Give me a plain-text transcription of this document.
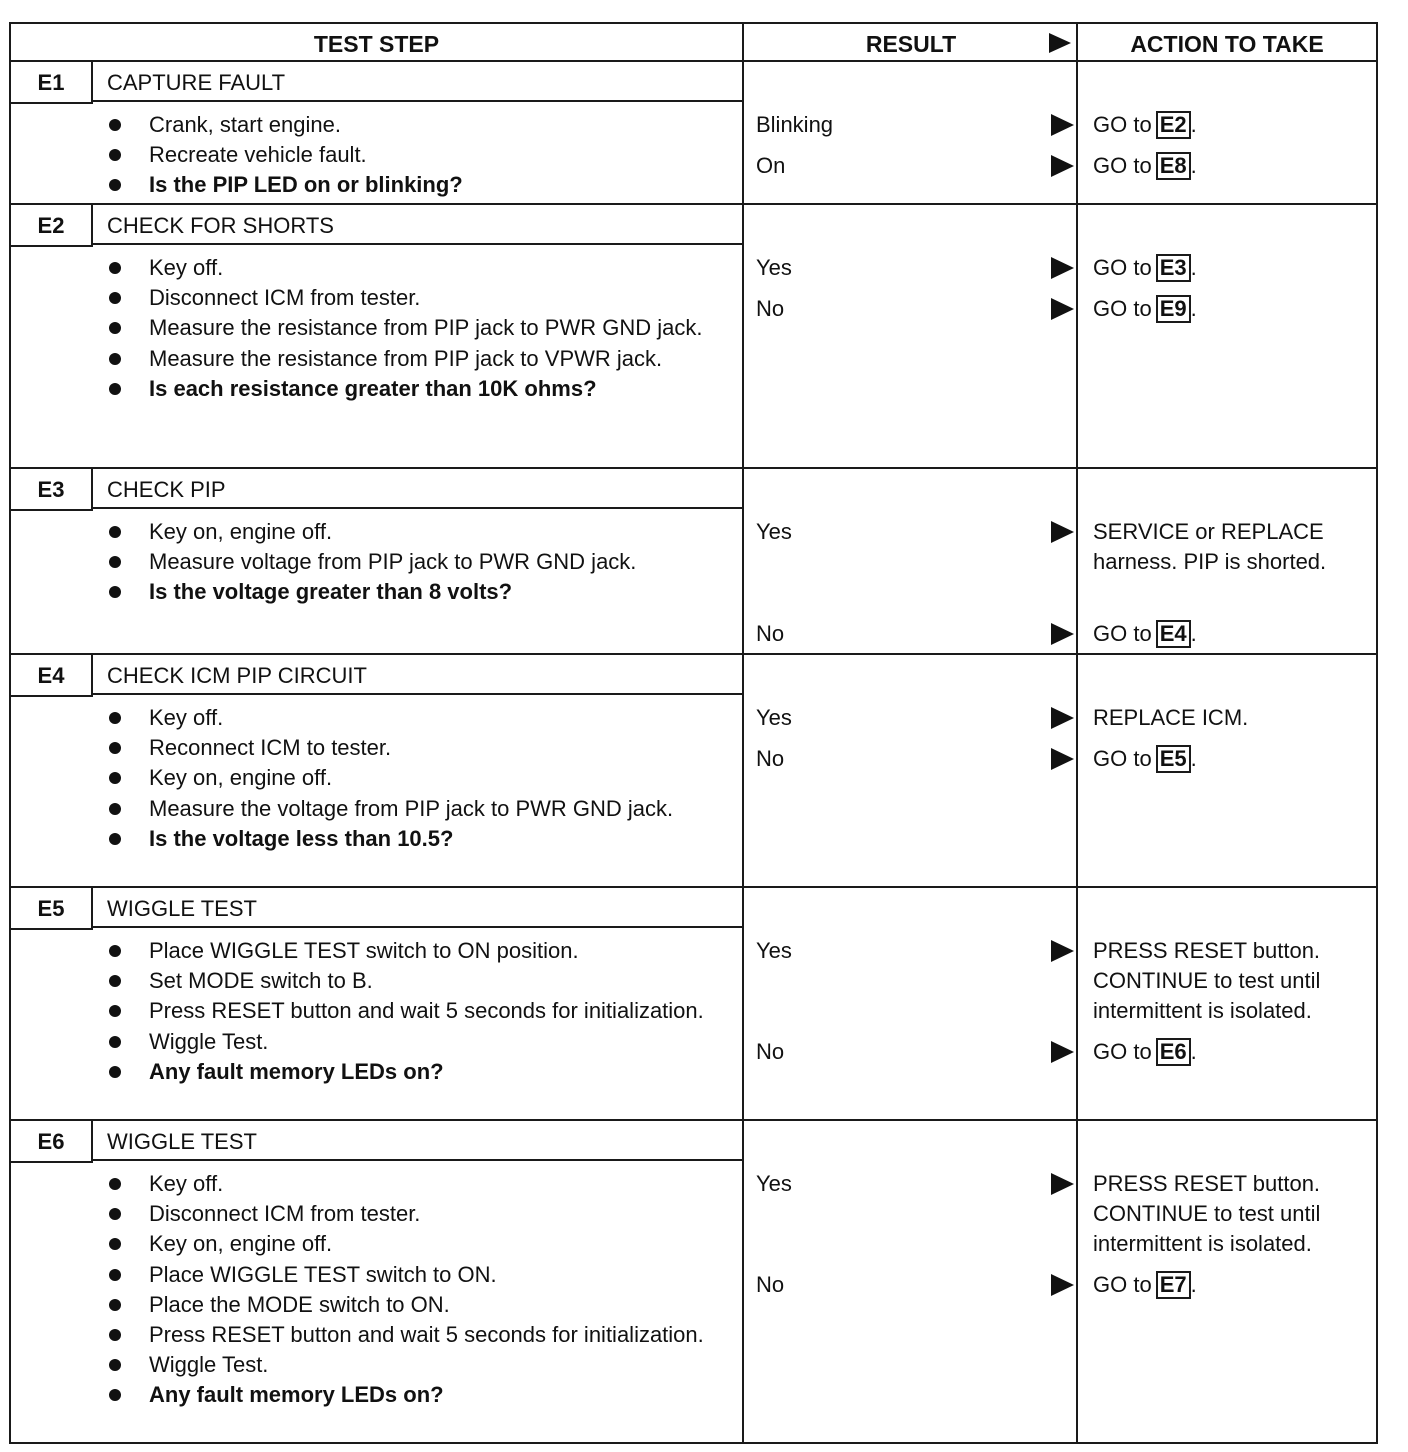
TEST STEP	RESULT	ACTION TO TAKE
E1	CAPTURE FAULT
Crank, start engine.
Recreate vehicle fault.
Is the PIP LED on or blinking?
Blinking	GO to E2 .
On	GO to E8 .
E2	CHECK FOR SHORTS
Key off.
Disconnect ICM from tester.
Measure the resistance from PIP jack to PWR GND jack.
Measure the resistance from PIP jack to VPWR jack.
Is each resistance greater than 10K ohms?
Yes	GO to E3 .
No	GO to E9 .
E3	CHECK PIP
Key on, engine off.
Measure voltage from PIP jack to PWR GND jack.
Is the voltage greater than 8 volts?
Yes	SERVICE or REPLACE harness. PIP is shorted.
No	GO to E4 .
E4	CHECK ICM PIP CIRCUIT
Key off.
Reconnect ICM to tester.
Key on, engine off.
Measure the voltage from PIP jack to PWR GND jack.
Is the voltage less than 10.5?
Yes	REPLACE ICM.
No	GO to E5 .
E5	WIGGLE TEST
Place WIGGLE TEST switch to ON position.
Set MODE switch to B.
Press RESET button and wait 5 seconds for initialization.
Wiggle Test.
Any fault memory LEDs on?
Yes	PRESS RESET button. CONTINUE to test until intermittent is isolated.
No	GO to E6 .
E6	WIGGLE TEST
Key off.
Disconnect ICM from tester.
Key on, engine off.
Place WIGGLE TEST switch to ON.
Place the MODE switch to ON.
Press RESET button and wait 5 seconds for initialization.
Wiggle Test.
Any fault memory LEDs on?
Yes	PRESS RESET button. CONTINUE to test until intermittent is isolated.
No	GO to E7 .
